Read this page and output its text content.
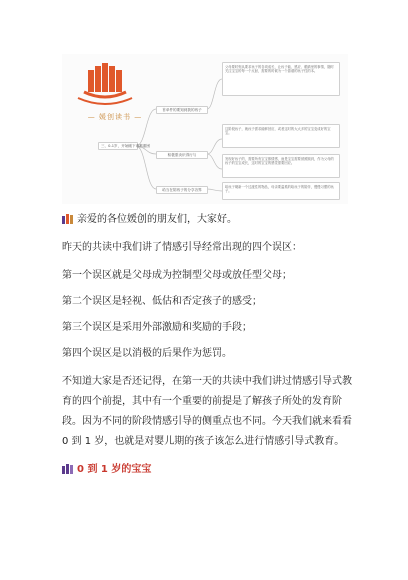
— 媛创读书 —
三、0-1岁，开始刚下谁都重困
首单件的要知到我的孩子
积极需卖识得行与
给当在陪孩子的分享各界
父母要时刻从要求孩子的各项成长，让孩子能、感应、眼睛里的事情，随时关注宝宝的每一个反射，需要的时候为一个靠谱的孩子性的本。
这阶段孩子，就孩子需求能够回应，或者这时的大大多的宝宝变成好的宝宝。
发现好孩子的，需要所有宝宝都情感，而是宝宝需要被照顾到，作为父母的孩子的宝宝成长，这时的宝宝的感觉需要回应。
给孩子刷新一个过渡性的物品，母亲要温柔的给孩子的陪伴，慢慢习惯的孩子。

亲爱的各位媛创的朋友们，大家好。

昨天的共读中我们讲了情感引导经常出现的四个误区：

第一个误区就是父母成为控制型父母或放任型父母；

第二个误区是轻视、低估和否定孩子的感受；

第三个误区是采用外部激励和奖励的手段；

第四个误区是以消极的后果作为惩罚。

不知道大家是否还记得，在第一天的共读中我们讲过情感引导式教育的四个前提，其中有一个重要的前提是了解孩子所处的发育阶段。因为不同的阶段情感引导的侧重点也不同。今天我们就来看看 0 到 1 岁，也就是对婴儿期的孩子该怎么进行情感引导式教育。

0 到 1 岁的宝宝
